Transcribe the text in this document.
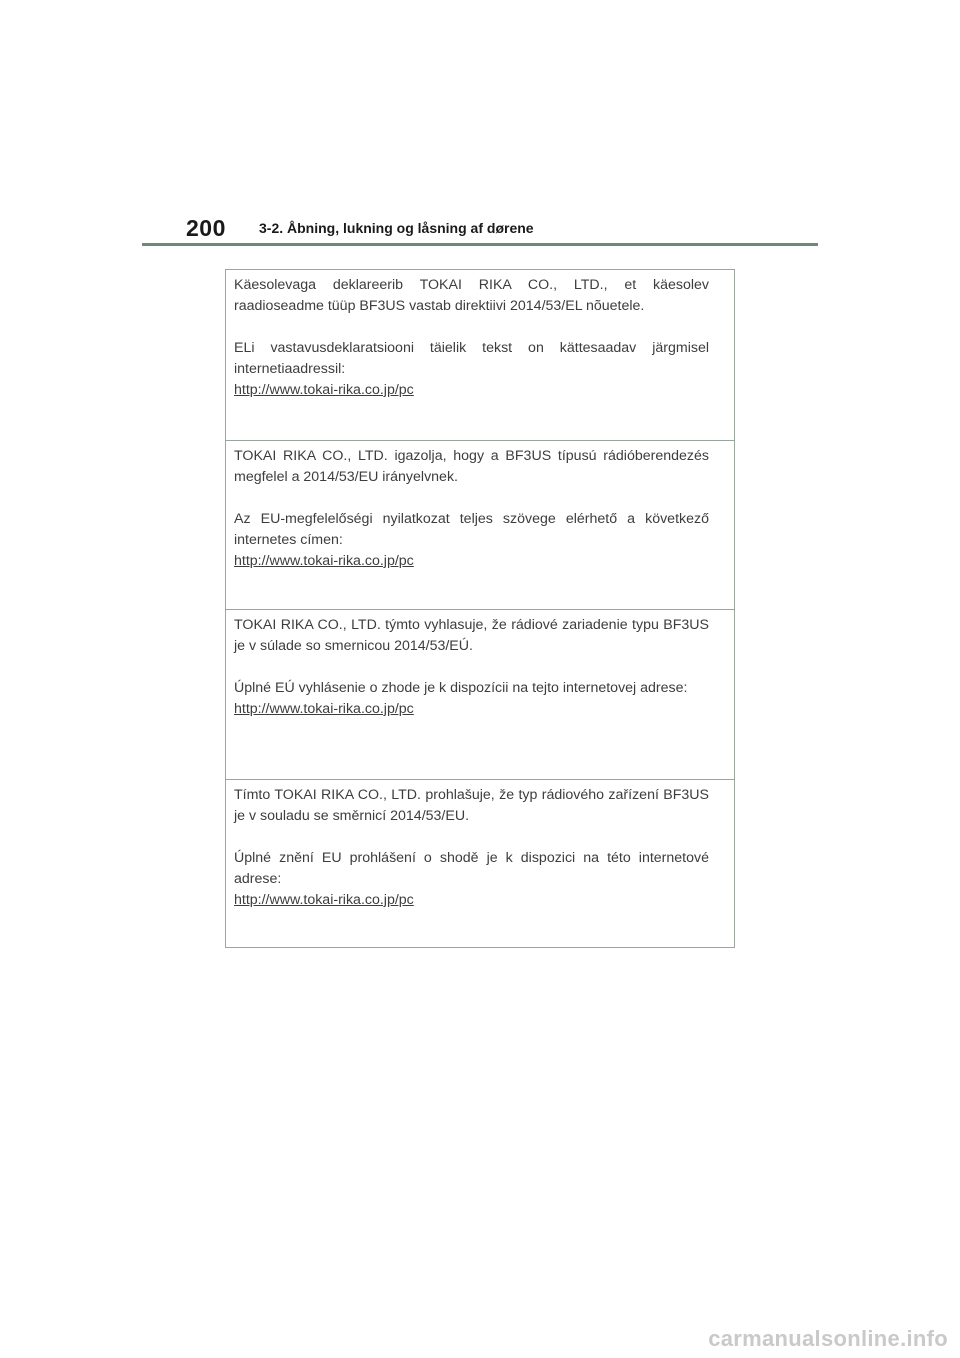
200 3-2. Åbning, lukning og låsning af dørene

Käesolevaga deklareerib TOKAI RIKA CO., LTD., et käesolev raadioseadme tüüp BF3US vastab direktiivi 2014/53/EL nõuetele.

ELi vastavusdeklaratsiooni täielik tekst on kättesaadav järgmisel internetiaadressil:
http://www.tokai-rika.co.jp/pc

TOKAI RIKA CO., LTD. igazolja, hogy a BF3US típusú rádióberendezés megfelel a 2014/53/EU irányelvnek.

Az EU-megfelelőségi nyilatkozat teljes szövege elérhető a következő internetes címen:
http://www.tokai-rika.co.jp/pc

TOKAI RIKA CO., LTD. týmto vyhlasuje, že rádiové zariadenie typu BF3US je v súlade so smernicou 2014/53/EÚ.

Úplné EÚ vyhlásenie o zhode je k dispozícii na tejto internetovej adrese:
http://www.tokai-rika.co.jp/pc

Tímto TOKAI RIKA CO., LTD. prohlašuje, že typ rádiového zařízení BF3US je v souladu se směrnicí 2014/53/EU.

Úplné znění EU prohlášení o shodě je k dispozici na této internetové adrese:
http://www.tokai-rika.co.jp/pc

carmanualsonline.info
